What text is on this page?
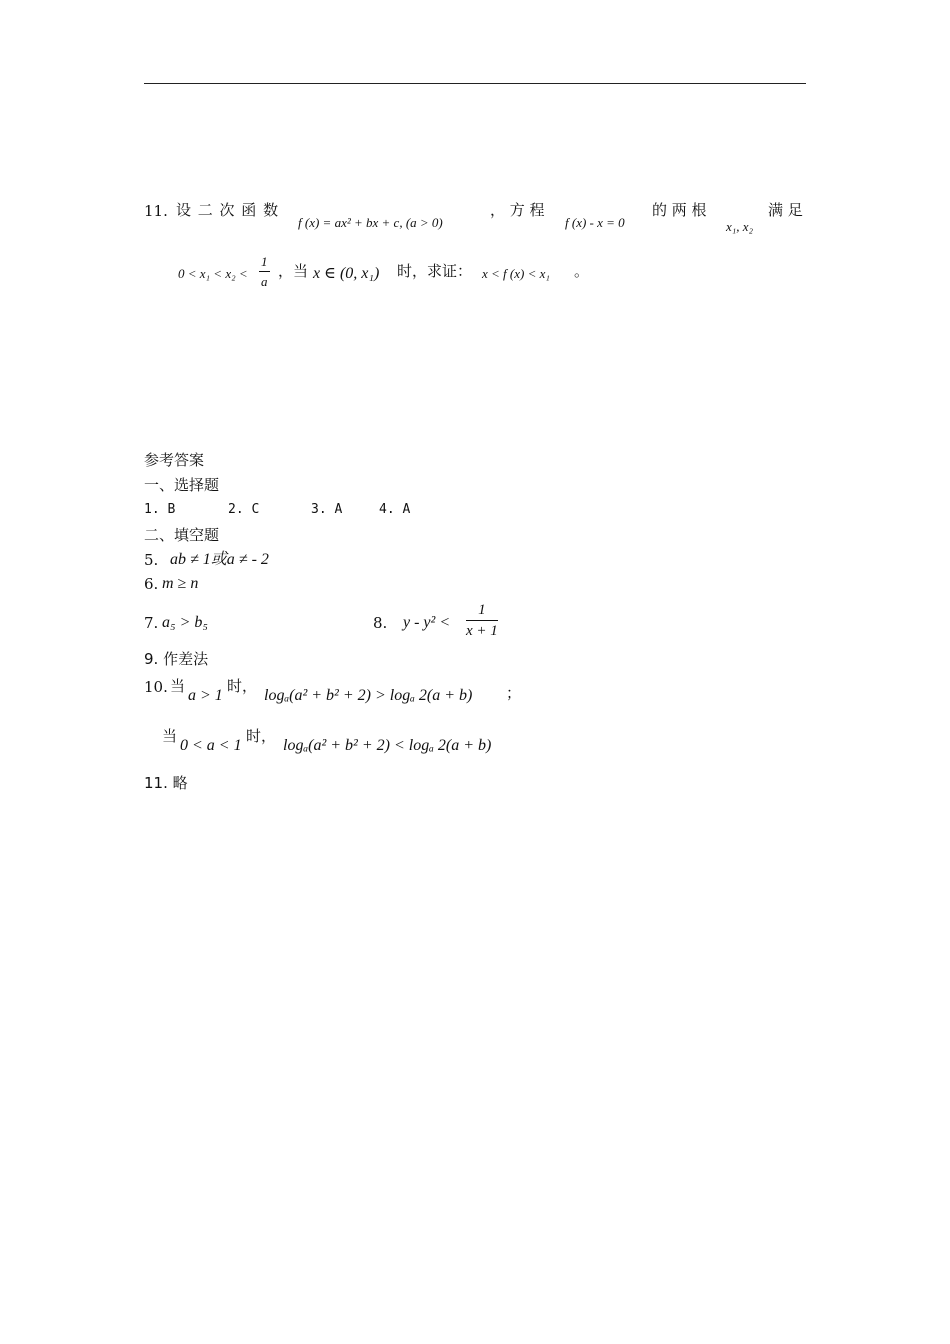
11. 设 二 次 函 数
f (x) = ax² + bx + c, (a > 0)
， 方 程
f (x) - x = 0
的 两 根
x₁, x₂
满 足
$0 < x_1 < x_2 < \frac{1}{a}$ ，当 x ∈ (0, x₁) 时，求证： x < f (x) < x₁ 。
参考答案
一、选择题
1. B	2. C	3. A	4. A
二、填空题
5. ab ≠ 1或a ≠ - 2
6. m ≥ n
7. a₅ > b₅	8. $y - y^2 < \frac{1}{x + 1}$
9. 作差法
10. 当
a > 1
时，
logₐ(a² + b² + 2) > logₐ 2(a + b) ；
当
0 < a < 1
时，
logₐ(a² + b² + 2) < logₐ 2(a + b)
11. 略
